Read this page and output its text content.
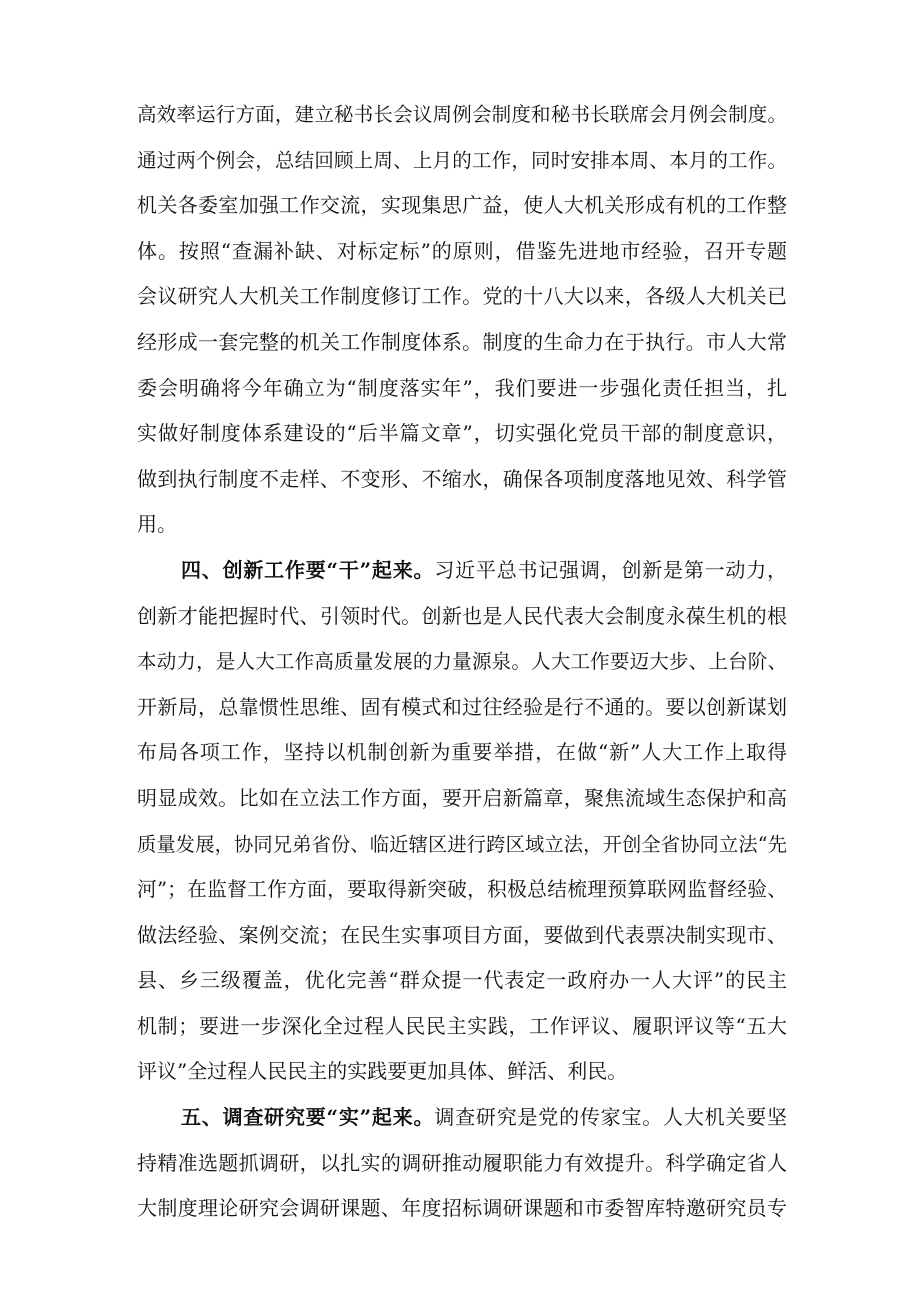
高效率运行方面，建立秘书长会议周例会制度和秘书长联席会月例会制度。
通过两个例会，总结回顾上周、上月的工作，同时安排本周、本月的工作。
机关各委室加强工作交流，实现集思广益，使人大机关形成有机的工作整
体。按照“查漏补缺、对标定标”的原则，借鉴先进地市经验，召开专题
会议研究人大机关工作制度修订工作。党的十八大以来，各级人大机关已
经形成一套完整的机关工作制度体系。制度的生命力在于执行。市人大常
委会明确将今年确立为“制度落实年”，我们要进一步强化责任担当，扎
实做好制度体系建设的“后半篇文章”，切实强化党员干部的制度意识，
做到执行制度不走样、不变形、不缩水，确保各项制度落地见效、科学管
用。
四、创新工作要“干”起来。习近平总书记强调，创新是第一动力，
创新才能把握时代、引领时代。创新也是人民代表大会制度永葆生机的根
本动力，是人大工作高质量发展的力量源泉。人大工作要迈大步、上台阶、
开新局，总靠惯性思维、固有模式和过往经验是行不通的。要以创新谋划
布局各项工作，坚持以机制创新为重要举措，在做“新”人大工作上取得
明显成效。比如在立法工作方面，要开启新篇章，聚焦流域生态保护和高
质量发展，协同兄弟省份、临近辖区进行跨区域立法，开创全省协同立法“先
河”；在监督工作方面，要取得新突破，积极总结梳理预算联网监督经验、
做法经验、案例交流；在民生实事项目方面，要做到代表票决制实现市、
县、乡三级覆盖，优化完善“群众提一代表定一政府办一人大评”的民主
机制；要进一步深化全过程人民民主实践，工作评议、履职评议等“五大
评议”全过程人民民主的实践要更加具体、鲜活、利民。
五、调查研究要“实”起来。调查研究是党的传家宝。人大机关要坚
持精准选题抓调研，以扎实的调研推动履职能力有效提升。科学确定省人
大制度理论研究会调研课题、年度招标调研课题和市委智库特邀研究员专
